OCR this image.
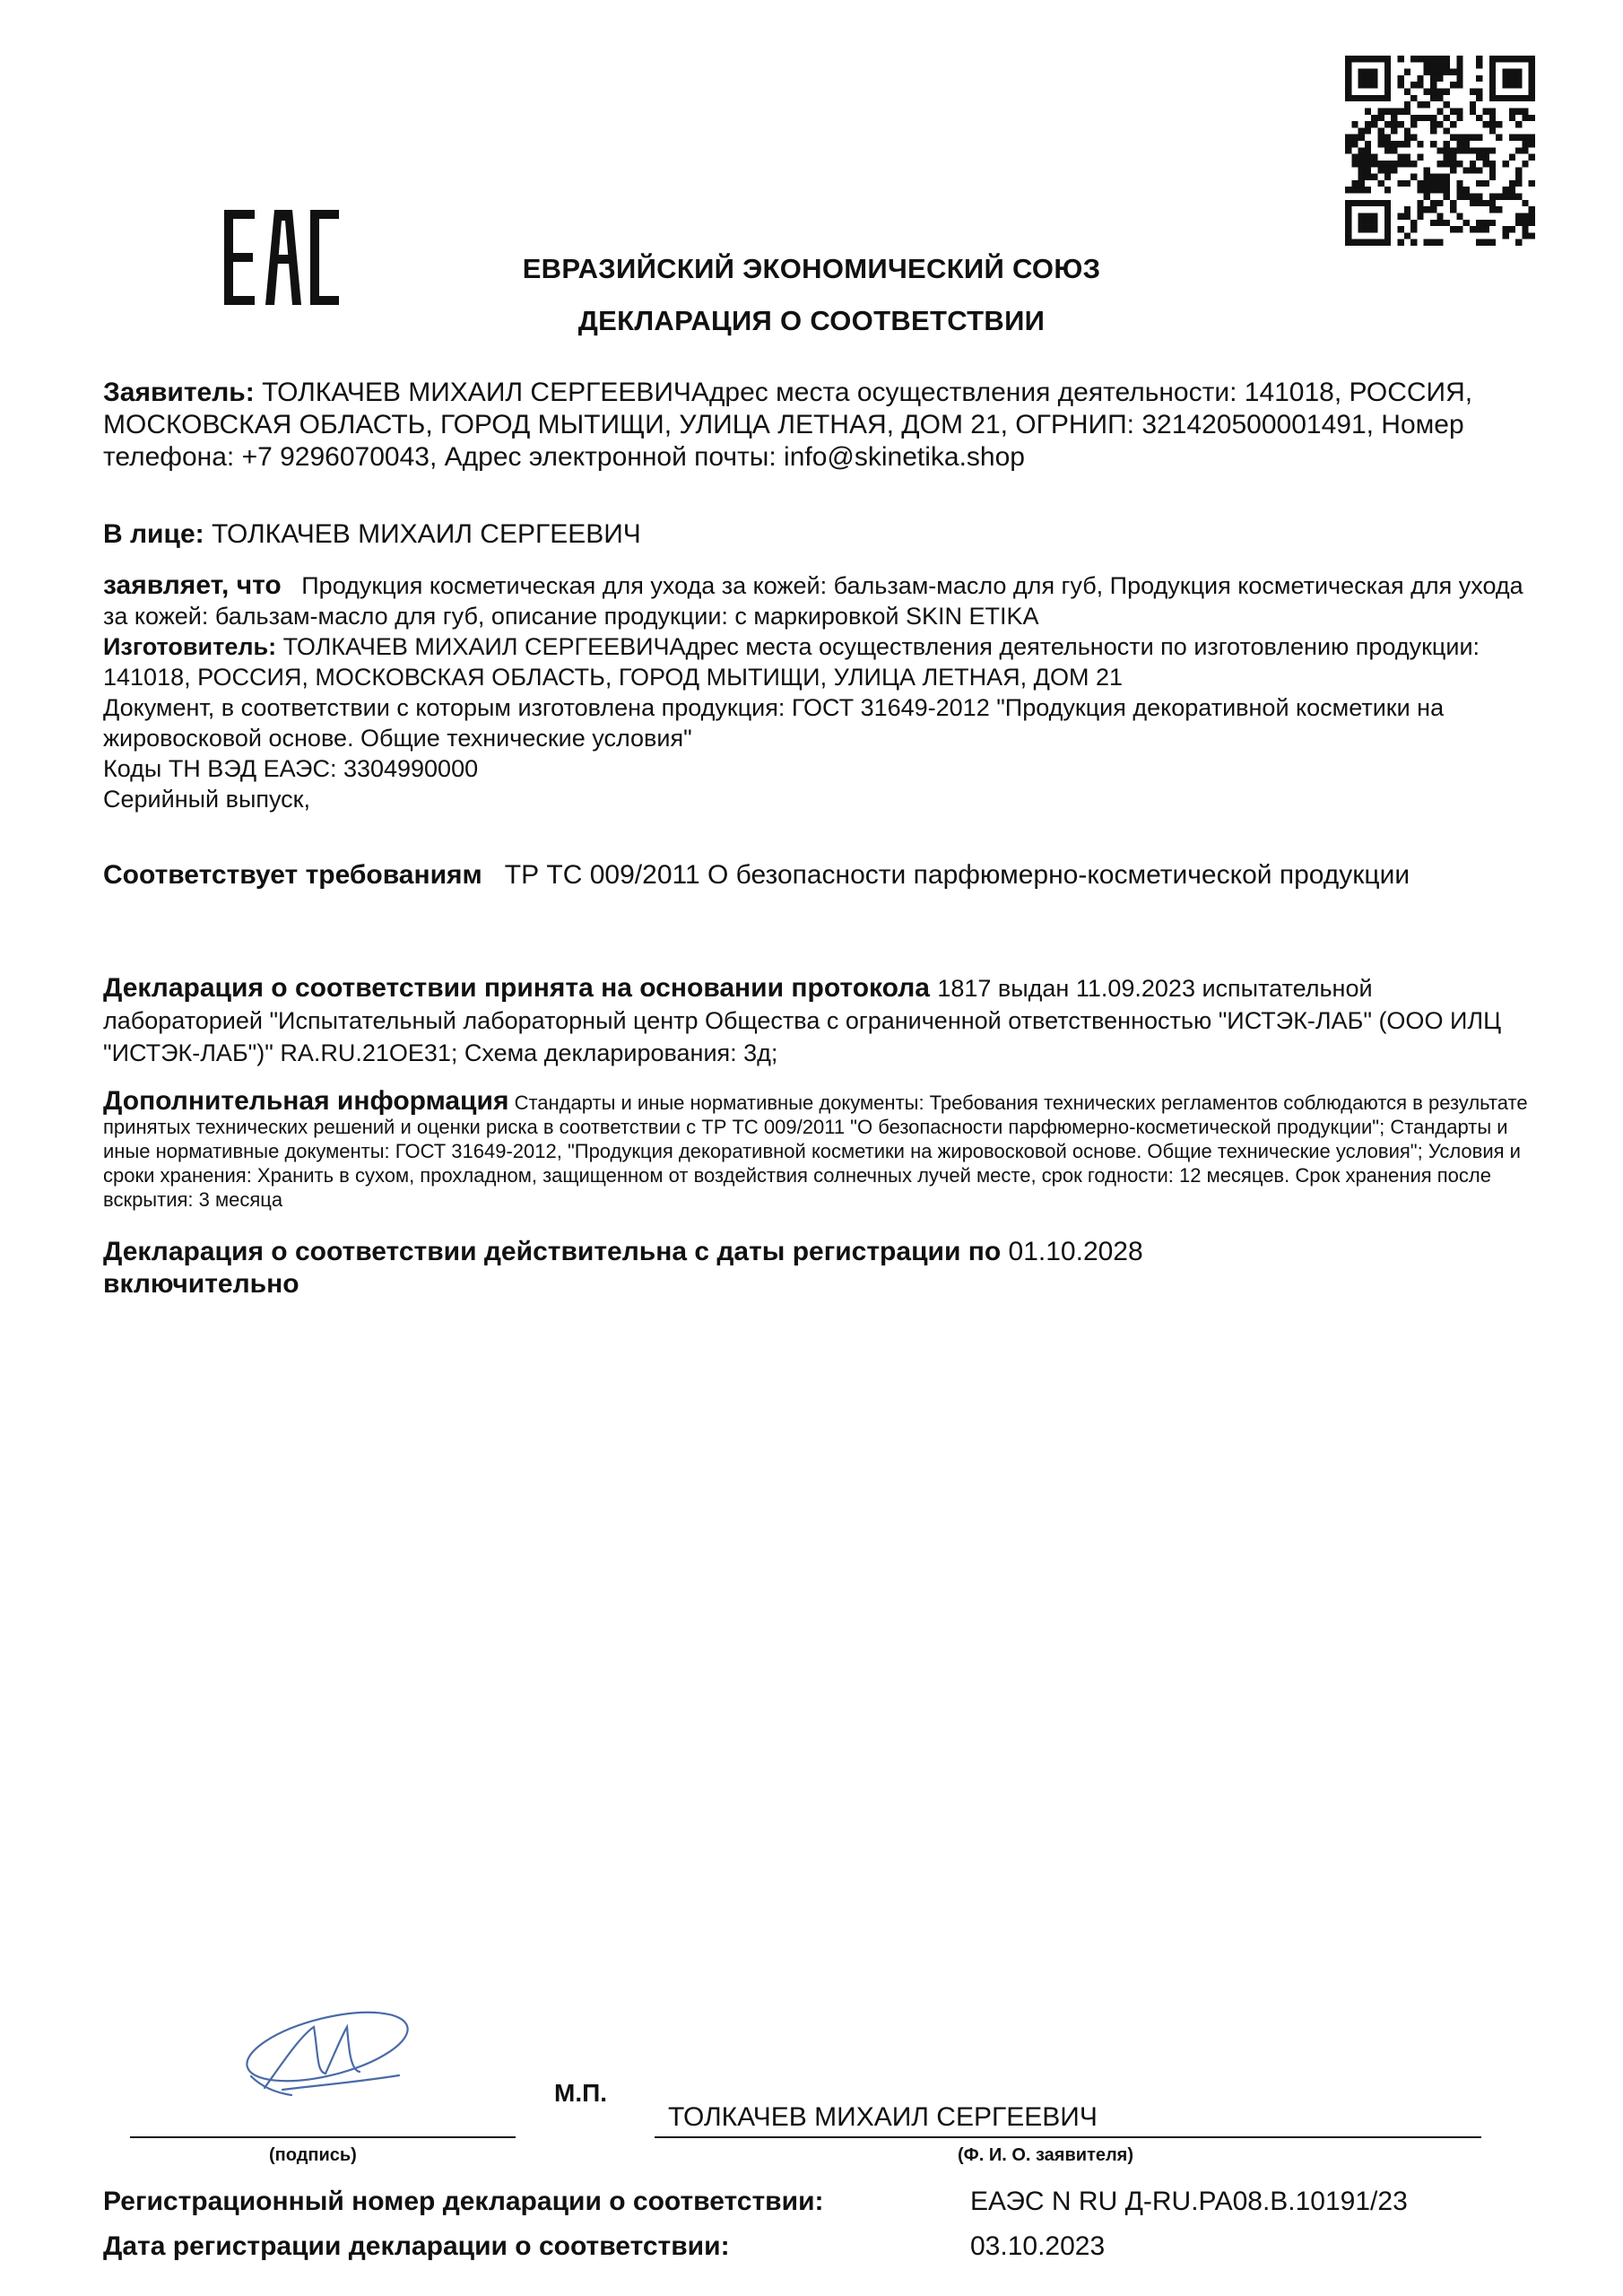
ЕВРАЗИЙСКИЙ ЭКОНОМИЧЕСКИЙ СОЮЗ
ДЕКЛАРАЦИЯ О СООТВЕТСТВИИ
Заявитель: ТОЛКАЧЕВ МИХАИЛ СЕРГЕЕВИЧАдрес места осуществления деятельности: 141018, РОССИЯ, МОСКОВСКАЯ ОБЛАСТЬ, ГОРОД МЫТИЩИ, УЛИЦА ЛЕТНАЯ, ДОМ 21, ОГРНИП: 321420500001491, Номер телефона: +7 9296070043, Адрес электронной почты: info@skinetika.shop
В лице: ТОЛКАЧЕВ МИХАИЛ СЕРГЕЕВИЧ
заявляет, что Продукция косметическая для ухода за кожей: бальзам-масло для губ, Продукция косметическая для ухода за кожей: бальзам-масло для губ, описание продукции: с маркировкой SKIN ETIKA
Изготовитель: ТОЛКАЧЕВ МИХАИЛ СЕРГЕЕВИЧАдрес места осуществления деятельности по изготовлению продукции: 141018, РОССИЯ, МОСКОВСКАЯ ОБЛАСТЬ, ГОРОД МЫТИЩИ, УЛИЦА ЛЕТНАЯ, ДОМ 21
Документ, в соответствии с которым изготовлена продукция: ГОСТ 31649-2012 "Продукция декоративной косметики на жировосковой основе. Общие технические условия"
Коды ТН ВЭД ЕАЭС: 3304990000
Серийный выпуск,
Соответствует требованиям ТР ТС 009/2011 О безопасности парфюмерно-косметической продукции
Декларация о соответствии принята на основании протокола 1817 выдан 11.09.2023 испытательной лабораторией "Испытательный лабораторный центр Общества с ограниченной ответственностью "ИСТЭК-ЛАБ" (ООО ИЛЦ "ИСТЭК-ЛАБ")" RA.RU.21ОЕ31; Схема декларирования: 3д;
Дополнительная информация Стандарты и иные нормативные документы: Требования технических регламентов соблюдаются в результате принятых технических решений и оценки риска в соответствии с ТР ТС 009/2011 "О безопасности парфюмерно-косметической продукции"; Стандарты и иные нормативные документы: ГОСТ 31649-2012, "Продукция декоративной косметики на жировосковой основе. Общие технические условия"; Условия и сроки хранения: Хранить в сухом, прохладном, защищенном от воздействия солнечных лучей месте, срок годности: 12 месяцев. Срок хранения после вскрытия: 3 месяца
Декларация о соответствии действительна с даты регистрации по 01.10.2028
включительно
М.П.
ТОЛКАЧЕВ МИХАИЛ СЕРГЕЕВИЧ
(подпись)	(Ф. И. О. заявителя)
Регистрационный номер декларации о соответствии:	ЕАЭС N RU Д-RU.РА08.В.10191/23
Дата регистрации декларации о соответствии:	03.10.2023
